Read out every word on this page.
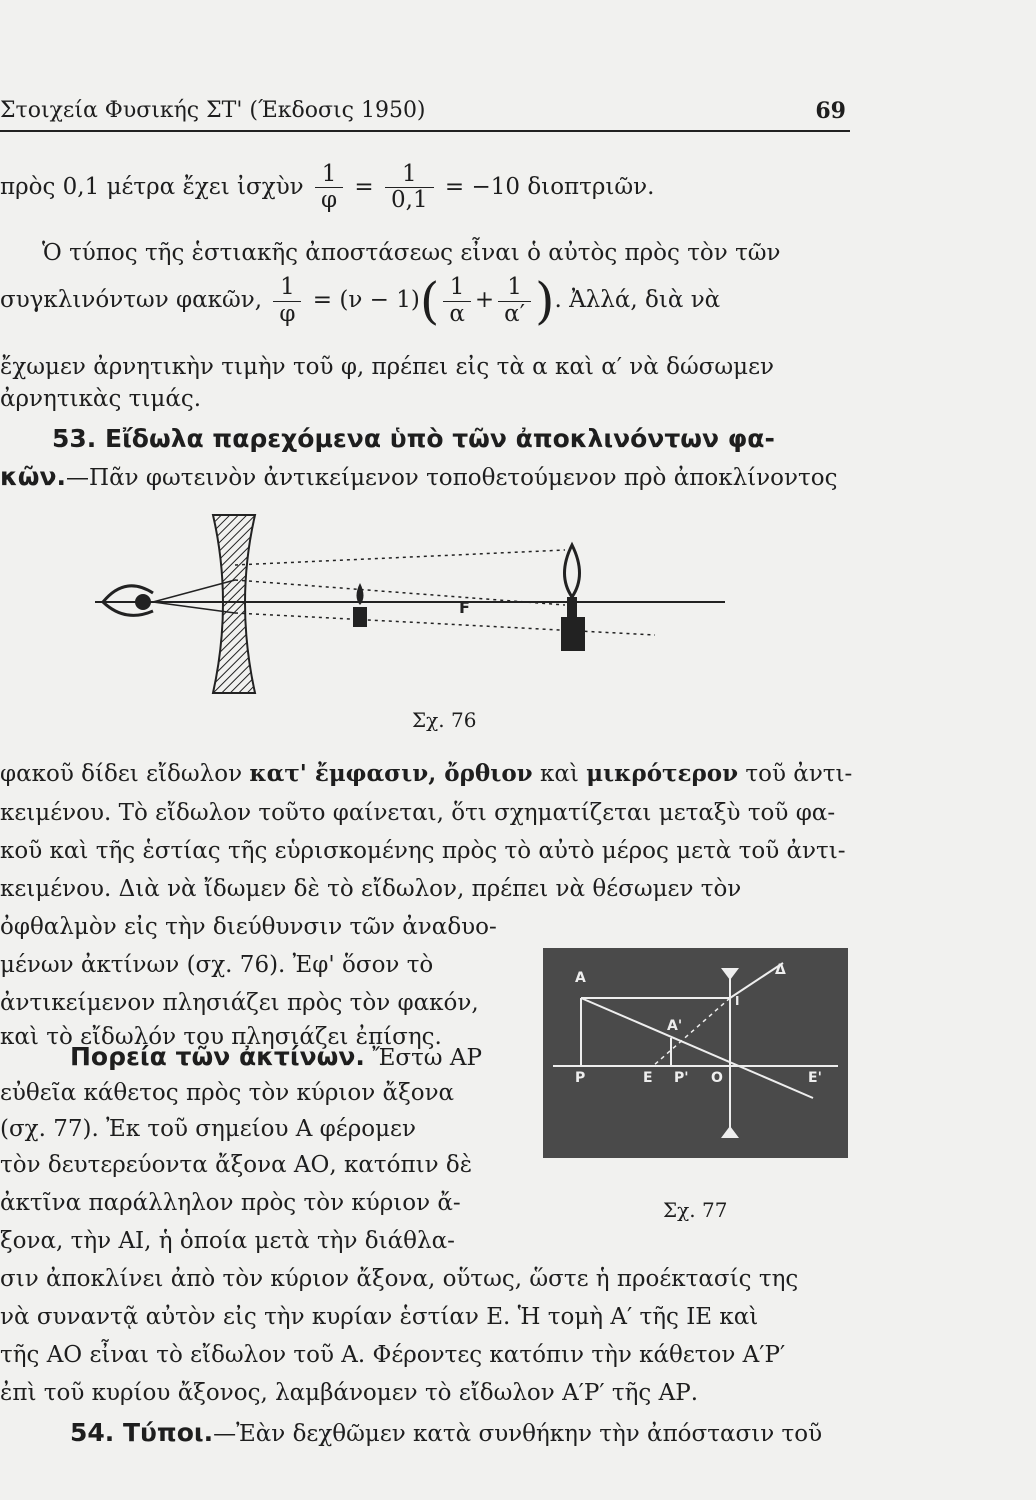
Στοιχεία Φυσικής ΣΤ' (Έκδοσις 1950)	69
πρὸς 0,1 μέτρα ἔχει ἰσχὺν $\frac{1}{\varphi} = \frac{1}{0,1} = -10$ διοπτριῶν.
Ὁ τύπος τῆς ἑστιακῆς ἀποστάσεως εἶναι ὁ αὐτὸς πρὸς τὸν τῶν
συγκλινόντων φακῶν, $\frac{1}{\varphi} = (\nu - 1)( \frac{1}{\alpha} + \frac{1}{\alpha'}$ ). Ἀλλά, διὰ νὰ
ἔχωμεν ἀρνητικὴν τιμὴν τοῦ φ, πρέπει εἰς τὰ α καὶ α′ νὰ δώσωμεν
ἀρνητικὰς τιμάς.
53. Εἴδωλα παρεχόμενα ὑπὸ τῶν ἀποκλινόντων φα-
κῶν.—Πᾶν φωτεινὸν ἀντικείμενον τοποθετούμενον πρὸ ἀποκλίνοντος
F
Σχ. 76
φακοῦ δίδει εἴδωλον κατ' ἔμφασιν, ὄρθιον καὶ μικρότερον τοῦ ἀντι-
κειμένου. Τὸ εἴδωλον τοῦτο φαίνεται, ὅτι σχηματίζεται μεταξὺ τοῦ φα-
κοῦ καὶ τῆς ἑστίας τῆς εὑρισκομένης πρὸς τὸ αὐτὸ μέρος μετὰ τοῦ ἀντι-
κειμένου. Διὰ νὰ ἴδωμεν δὲ τὸ εἴδωλον, πρέπει νὰ θέσωμεν τὸν
ὀφθαλμὸν εἰς τὴν διεύθυνσιν τῶν ἀναδυο-
μένων ἀκτίνων (σχ. 76). Ἐφ' ὅσον τὸ
ἀντικείμενον πλησιάζει πρὸς τὸν φακόν,
καὶ τὸ εἴδωλόν του πλησιάζει ἐπίσης.
Α	Δ
I
Α'
Ρ	Ε Ρ' Ο	Ε'
Σχ. 77
Πορεία τῶν ἀκτίνων. Ἔστω ΑΡ
εὐθεῖα κάθετος πρὸς τὸν κύριον ἄξονα
(σχ. 77). Ἐκ τοῦ σημείου Α φέρομεν
τὸν δευτερεύοντα ἄξονα ΑΟ, κατόπιν δὲ
ἀκτῖνα παράλληλον πρὸς τὸν κύριον ἄ-
ξονα, τὴν ΑΙ, ἡ ὁποία μετὰ τὴν διάθλα-
σιν ἀποκλίνει ἀπὸ τὸν κύριον ἄξονα, οὕτως, ὥστε ἡ προέκτασίς της
νὰ συναντᾷ αὐτὸν εἰς τὴν κυρίαν ἑστίαν Ε. Ἡ τομὴ Α′ τῆς ΙΕ καὶ
τῆς ΑΟ εἶναι τὸ εἴδωλον τοῦ Α. Φέροντες κατόπιν τὴν κάθετον Α′Ρ′
ἐπὶ τοῦ κυρίου ἄξονος, λαμβάνομεν τὸ εἴδωλον Α′Ρ′ τῆς ΑΡ.
54. Τύποι.—Ἐὰν δεχθῶμεν κατὰ συνθήκην τὴν ἀπόστασιν τοῦ
